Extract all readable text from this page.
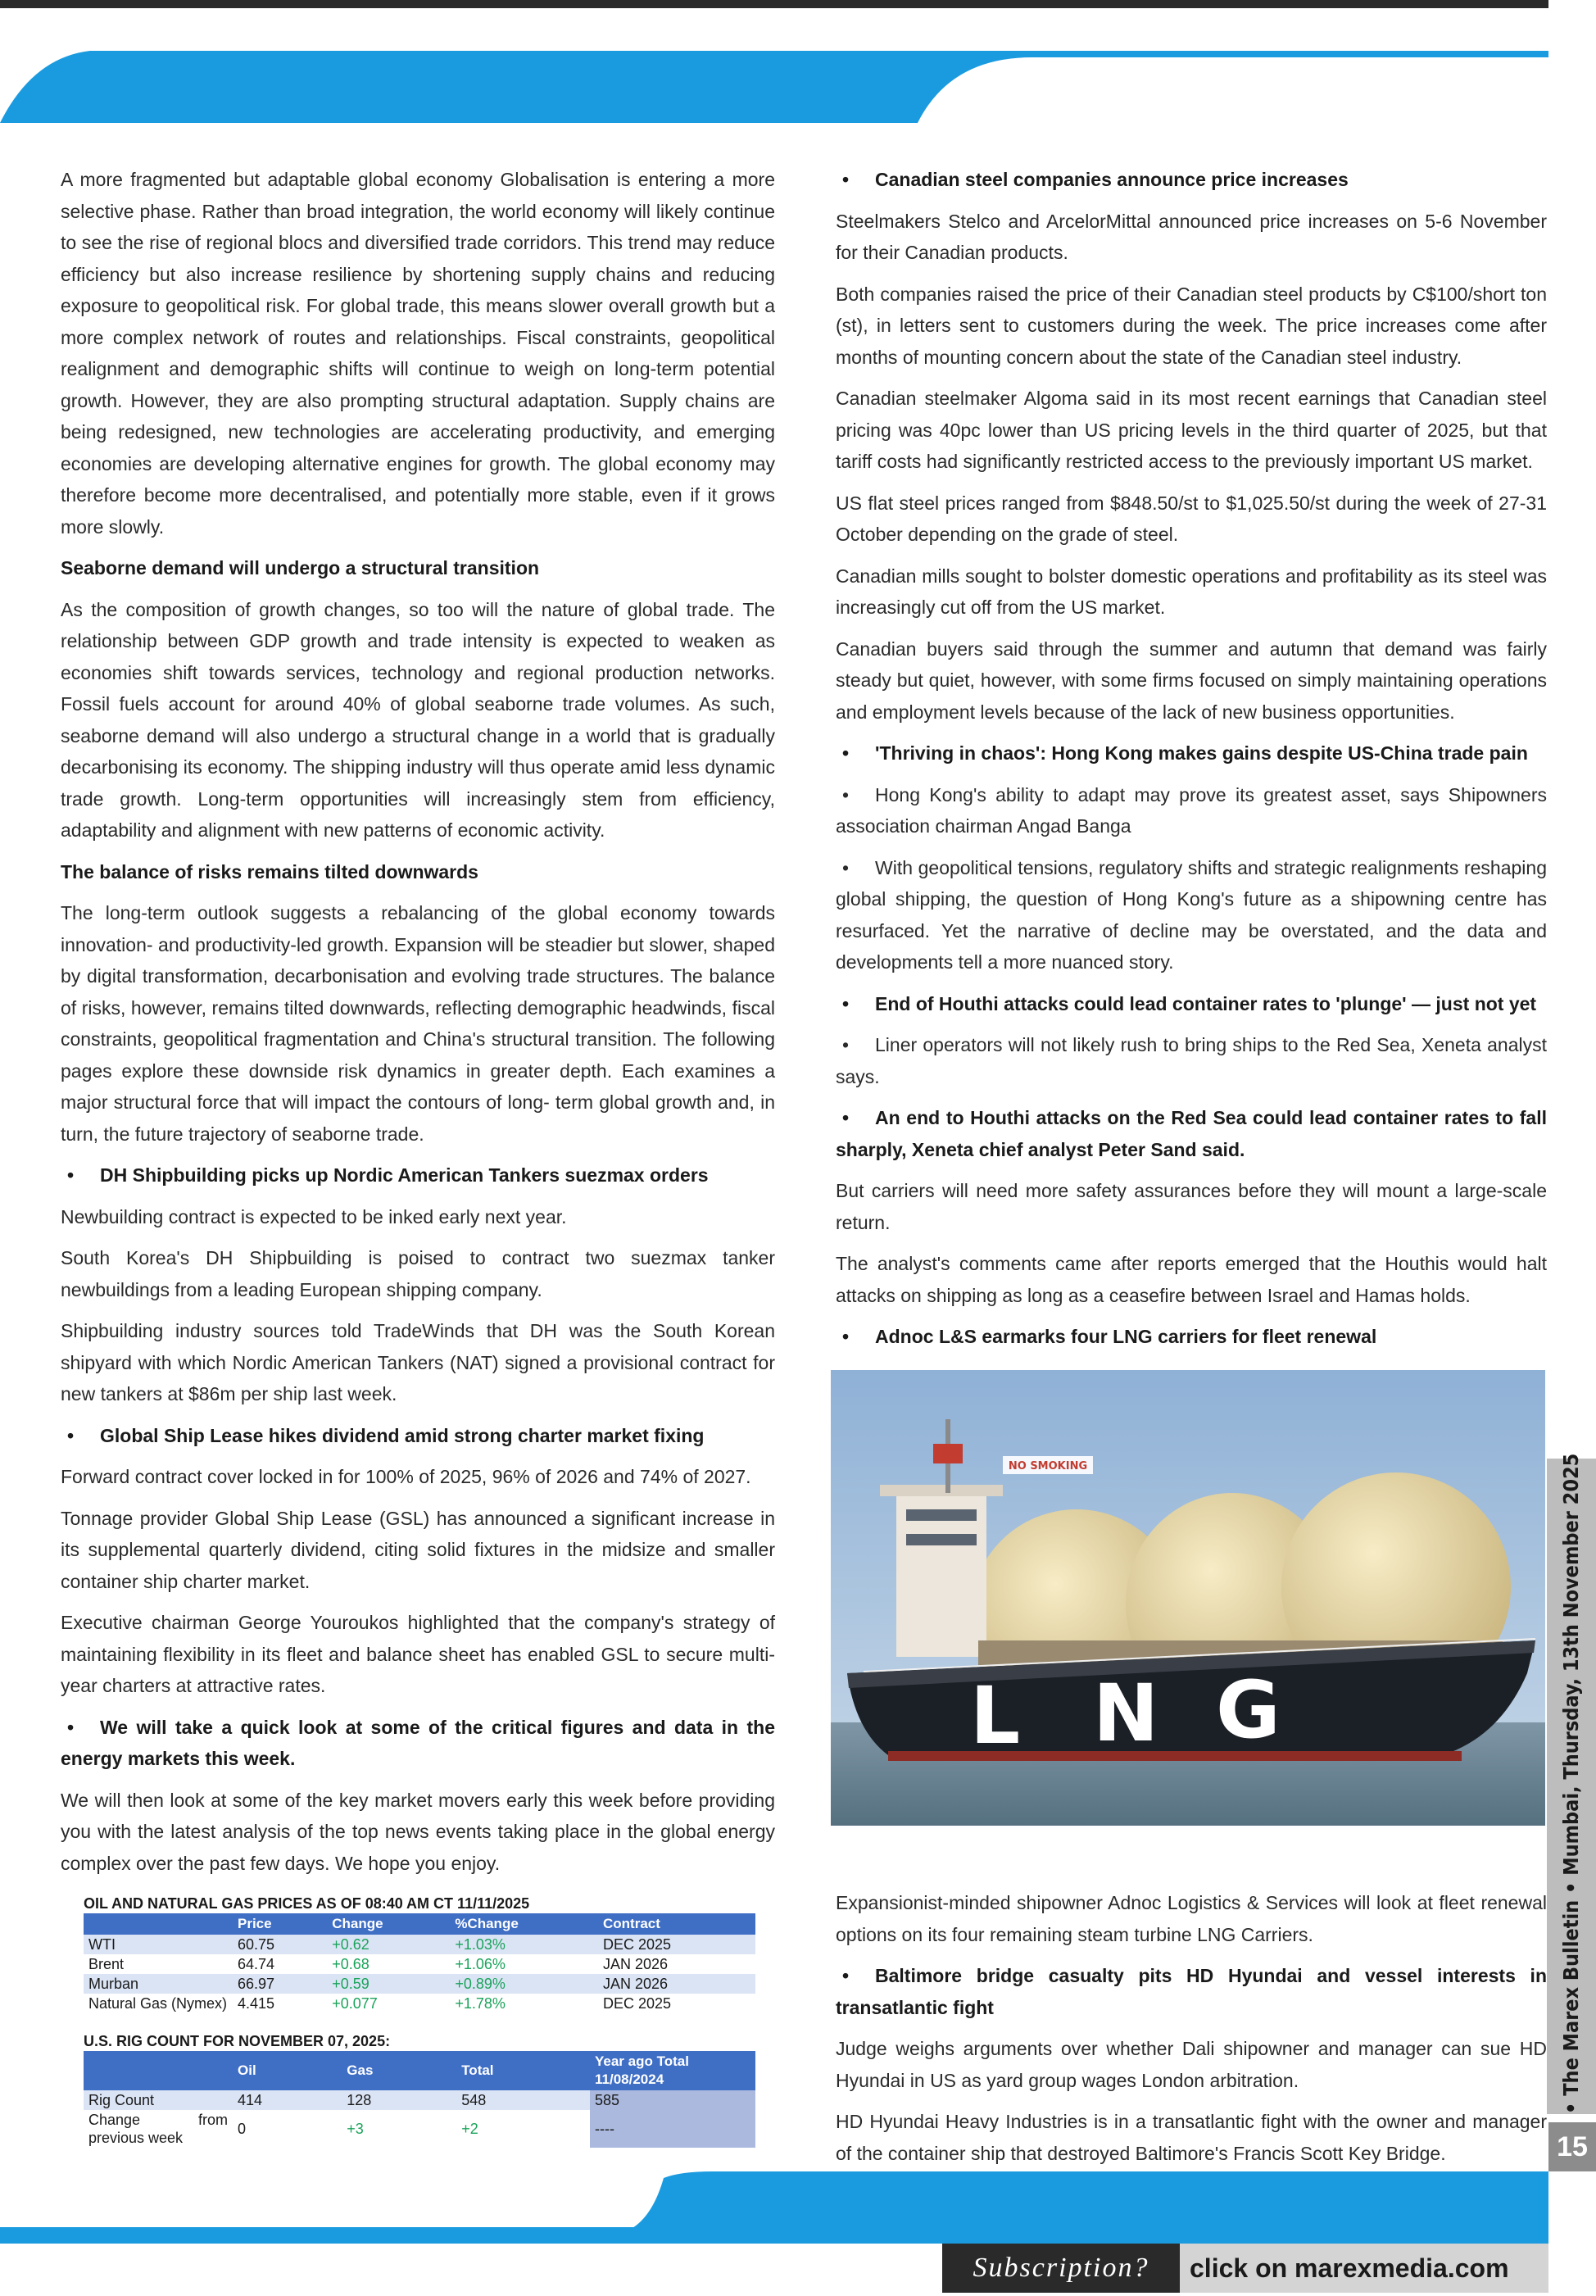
A more fragmented but adaptable global economy Globalisation is entering a more selective phase. Rather than broad integration, the world economy will likely continue to see the rise of regional blocs and diversified trade corridors. This trend may reduce efficiency but also increase resilience by shortening supply chains and reducing exposure to geopolitical risk. For global trade, this means slower overall growth but a more complex network of routes and relationships. Fiscal constraints, geopolitical realignment and demographic shifts will continue to weigh on long-term potential growth. However, they are also prompting structural adaptation. Supply chains are being redesigned, new technologies are accelerating productivity, and emerging economies are developing alternative engines for growth. The global economy may therefore become more decentralised, and potentially more stable, even if it grows more slowly.

Seaborne demand will undergo a structural transition

As the composition of growth changes, so too will the nature of global trade. The relationship between GDP growth and trade intensity is expected to weaken as economies shift towards services, technology and regional production networks. Fossil fuels account for around 40% of global seaborne trade volumes. As such, seaborne demand will also undergo a structural change in a world that is gradually decarbonising its economy. The shipping industry will thus operate amid less dynamic trade growth. Long-term opportunities will increasingly stem from efficiency, adaptability and alignment with new patterns of economic activity.

The balance of risks remains tilted downwards

The long-term outlook suggests a rebalancing of the global economy towards innovation- and productivity-led growth. Expansion will be steadier but slower, shaped by digital transformation, decarbonisation and evolving trade structures. The balance of risks, however, remains tilted downwards, reflecting demographic headwinds, fiscal constraints, geopolitical fragmentation and China's structural transition. The following pages explore these downside risk dynamics in greater depth. Each examines a major structural force that will impact the contours of long- term global growth and, in turn, the future trajectory of seaborne trade.

• DH Shipbuilding picks up Nordic American Tankers suezmax orders

Newbuilding contract is expected to be inked early next year.

South Korea's DH Shipbuilding is poised to contract two suezmax tanker newbuildings from a leading European shipping company.

Shipbuilding industry sources told TradeWinds that DH was the South Korean shipyard with which Nordic American Tankers (NAT) signed a provisional contract for new tankers at $86m per ship last week.

• Global Ship Lease hikes dividend amid strong charter market fixing

Forward contract cover locked in for 100% of 2025, 96% of 2026 and 74% of 2027.

Tonnage provider Global Ship Lease (GSL) has announced a significant increase in its supplemental quarterly dividend, citing solid fixtures in the midsize and smaller container ship charter market.

Executive chairman George Youroukos highlighted that the company's strategy of maintaining flexibility in its fleet and balance sheet has enabled GSL to secure multi-year charters at attractive rates.

• We will take a quick look at some of the critical figures and data in the energy markets this week.

We will then look at some of the key market movers early this week before providing you with the latest analysis of the top news events taking place in the global energy complex over the past few days. We hope you enjoy.

OIL AND NATURAL GAS PRICES AS OF 08:40 AM CT 11/11/2025
	Price	Change	%Change	Contract
WTI	60.75	+0.62	+1.03%	DEC 2025
Brent	64.74	+0.68	+1.06%	JAN 2026
Murban	66.97	+0.59	+0.89%	JAN 2026
Natural Gas (Nymex)	4.415	+0.077	+1.78%	DEC 2025
U.S. RIG COUNT FOR NOVEMBER 07, 2025:
	Oil	Gas	Total	Year ago Total 11/08/2024
Rig Count	414	128	548	585
Change from previous week	0	+3	+2	----
• Canadian steel companies announce price increases

Steelmakers Stelco and ArcelorMittal announced price increases on 5-6 November for their Canadian products.

Both companies raised the price of their Canadian steel products by C$100/short ton (st), in letters sent to customers during the week. The price increases come after months of mounting concern about the state of the Canadian steel industry.

Canadian steelmaker Algoma said in its most recent earnings that Canadian steel pricing was 40pc lower than US pricing levels in the third quarter of 2025, but that tariff costs had significantly restricted access to the previously important US market.

US flat steel prices ranged from $848.50/st to $1,025.50/st during the week of 27-31 October depending on the grade of steel.

Canadian mills sought to bolster domestic operations and profitability as its steel was increasingly cut off from the US market.

Canadian buyers said through the summer and autumn that demand was fairly steady but quiet, however, with some firms focused on simply maintaining operations and employment levels because of the lack of new business opportunities.

• 'Thriving in chaos': Hong Kong makes gains despite US-China trade pain

• Hong Kong's ability to adapt may prove its greatest asset, says Shipowners association chairman Angad Banga

• With geopolitical tensions, regulatory shifts and strategic realignments reshaping global shipping, the question of Hong Kong's future as a shipowning centre has resurfaced. Yet the narrative of decline may be overstated, and the data and developments tell a more nuanced story.

• End of Houthi attacks could lead container rates to 'plunge' — just not yet

• Liner operators will not likely rush to bring ships to the Red Sea, Xeneta analyst says.

• An end to Houthi attacks on the Red Sea could lead container rates to fall sharply, Xeneta chief analyst Peter Sand said.

But carriers will need more safety assurances before they will mount a large-scale return.

The analyst's comments came after reports emerged that the Houthis would halt attacks on shipping as long as a ceasefire between Israel and Hamas holds.

• Adnoc L&S earmarks four LNG carriers for fleet renewal

Expansionist-minded shipowner Adnoc Logistics & Services will look at fleet renewal options on its four remaining steam turbine LNG Carriers.

• Baltimore bridge casualty pits HD Hyundai and vessel interests in transatlantic fight

Judge weighs arguments over whether Dali shipowner and manager can sue HD Hyundai in US as yard group wages London arbitration.

HD Hyundai Heavy Industries is in a transatlantic fight with the owner and manager of the container ship that destroyed Baltimore's Francis Scott Key Bridge.

NO SMOKING
L N G	• The Marex Bulletin • Mumbai, Thursday, 13th November 2025
15
Subscription?	click on marexmedia.com
